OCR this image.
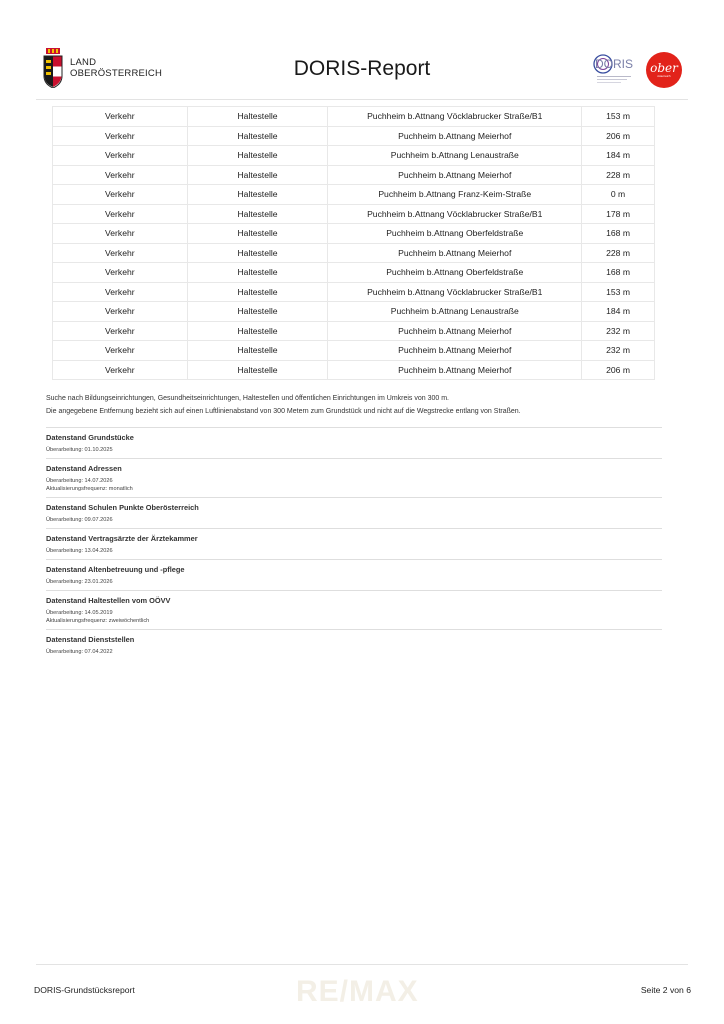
LAND
OBERÖSTERREICH	DORIS-Report	DORIS ober
österreich
Verkehr	Haltestelle	Puchheim b.Attnang Vöcklabrucker Straße/B1	153 m
Verkehr	Haltestelle	Puchheim b.Attnang Meierhof	206 m
Verkehr	Haltestelle	Puchheim b.Attnang Lenaustraße	184 m
Verkehr	Haltestelle	Puchheim b.Attnang Meierhof	228 m
Verkehr	Haltestelle	Puchheim b.Attnang Franz-Keim-Straße	0 m
Verkehr	Haltestelle	Puchheim b.Attnang Vöcklabrucker Straße/B1	178 m
Verkehr	Haltestelle	Puchheim b.Attnang Oberfeldstraße	168 m
Verkehr	Haltestelle	Puchheim b.Attnang Meierhof	228 m
Verkehr	Haltestelle	Puchheim b.Attnang Oberfeldstraße	168 m
Verkehr	Haltestelle	Puchheim b.Attnang Vöcklabrucker Straße/B1	153 m
Verkehr	Haltestelle	Puchheim b.Attnang Lenaustraße	184 m
Verkehr	Haltestelle	Puchheim b.Attnang Meierhof	232 m
Verkehr	Haltestelle	Puchheim b.Attnang Meierhof	232 m
Verkehr	Haltestelle	Puchheim b.Attnang Meierhof	206 m
Suche nach Bildungseinrichtungen, Gesundheitseinrichtungen, Haltestellen und öffentlichen Einrichtungen im Umkreis von 300 m.
Die angegebene Entfernung bezieht sich auf einen Luftlinienabstand von 300 Metern zum Grundstück und nicht auf die Wegstrecke entlang von Straßen.
Datenstand Grundstücke
Überarbeitung: 01.10.2025
Datenstand Adressen
Überarbeitung: 14.07.2026
Aktualisierungsfrequenz: monatlich
Datenstand Schulen Punkte Oberösterreich
Überarbeitung: 09.07.2026
Datenstand Vertragsärzte der Ärztekammer
Überarbeitung: 13.04.2026
Datenstand Altenbetreuung und -pflege
Überarbeitung: 23.01.2026
Datenstand Haltestellen vom OÖVV
Überarbeitung: 14.05.2019
Aktualisierungsfrequenz: zweiwöchentlich
Datenstand Dienststellen
Überarbeitung: 07.04.2022
RE/MAX
DORIS-Grundstücksreport	Seite 2 von 6
